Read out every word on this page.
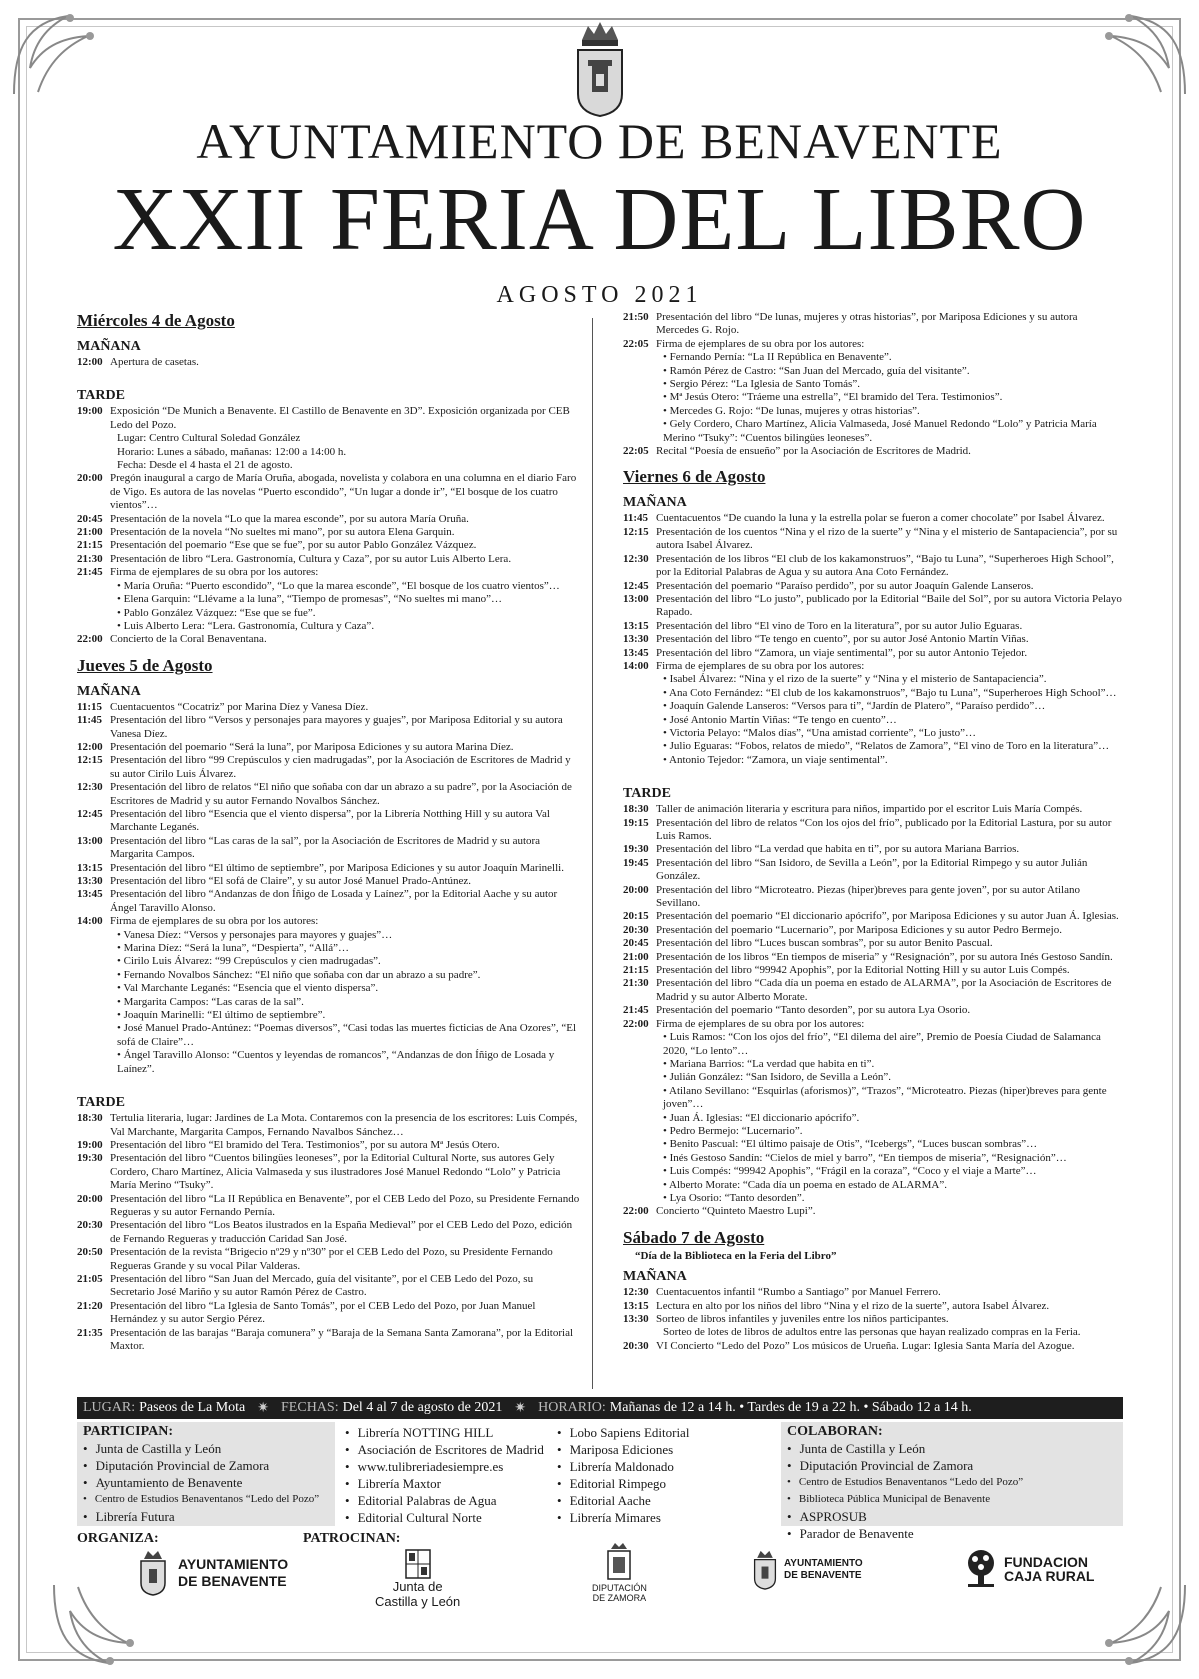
AYUNTAMIENTO DE BENAVENTE
XXII FERIA DEL LIBRO
AGOSTO 2021
Miércoles 4 de Agosto
MAÑANA
12:00 Apertura de casetas.
TARDE
19:00 Exposición “De Munich a Benavente. El Castillo de Benavente en 3D”. Exposición organizada por CEB Ledo del Pozo.
Lugar: Centro Cultural Soledad González
Horario: Lunes a sábado, mañanas: 12:00 a 14:00 h.
Fecha: Desde el 4 hasta el 21 de agosto.
20:00 Pregón inaugural a cargo de María Oruña, abogada, novelista y colabora en una columna en el diario Faro de Vigo. Es autora de las novelas “Puerto escondido”, “Un lugar a donde ir”, “El bosque de los cuatro vientos”…
20:45 Presentación de la novela “Lo que la marea esconde”, por su autora María Oruña.
21:00 Presentación de la novela “No sueltes mi mano”, por su autora Elena Garquin.
21:15 Presentación del poemario “Ese que se fue”, por su autor Pablo González Vázquez.
21:30 Presentación de libro “Lera. Gastronomía, Cultura y Caza”, por su autor Luis Alberto Lera.
21:45 Firma de ejemplares de su obra por los autores:
• María Oruña: “Puerto escondido”, “Lo que la marea esconde”, “El bosque de los cuatro vientos”…
• Elena Garquin: “Llévame a la luna”, “Tiempo de promesas”, “No sueltes mi mano”…
• Pablo González Vázquez: “Ese que se fue”.
• Luis Alberto Lera: “Lera. Gastronomía, Cultura y Caza”.
22:00 Concierto de la Coral Benaventana.
Jueves 5 de Agosto
MAÑANA
11:15 Cuentacuentos “Cocatriz” por Marina Díez y Vanesa Díez.
11:45 Presentación del libro “Versos y personajes para mayores y guajes”, por Mariposa Editorial y su autora Vanesa Díez.
12:00 Presentación del poemario “Será la luna”, por Mariposa Ediciones y su autora Marina Díez.
12:15 Presentación del libro “99 Crepúsculos y cien madrugadas”, por la Asociación de Escritores de Madrid y su autor Cirilo Luis Álvarez.
12:30 Presentación del libro de relatos “El niño que soñaba con dar un abrazo a su padre”, por la Asociación de Escritores de Madrid y su autor Fernando Novalbos Sánchez.
12:45 Presentación del libro “Esencia que el viento dispersa”, por la Librería Notthing Hill y su autora Val Marchante Leganés.
13:00 Presentación del libro “Las caras de la sal”, por la Asociación de Escritores de Madrid y su autora Margarita Campos.
13:15 Presentación del libro “El último de septiembre”, por Mariposa Ediciones y su autor Joaquín Marinelli.
13:30 Presentación del libro “El sofá de Claire”, y su autor José Manuel Prado-Antúnez.
13:45 Presentación del libro “Andanzas de don Íñigo de Losada y Laínez”, por la Editorial Aache y su autor Ángel Taravillo Alonso.
14:00 Firma de ejemplares de su obra por los autores:
• Vanesa Díez: “Versos y personajes para mayores y guajes”…
• Marina Díez: “Será la luna”, “Despierta”, “Allá”…
• Cirilo Luis Álvarez: “99 Crepúsculos y cien madrugadas”.
• Fernando Novalbos Sánchez: “El niño que soñaba con dar un abrazo a su padre”.
• Val Marchante Leganés: “Esencia que el viento dispersa”.
• Margarita Campos: “Las caras de la sal”.
• Joaquín Marinelli: “El último de septiembre”.
• José Manuel Prado-Antúnez: “Poemas diversos”, “Casi todas las muertes ficticias de Ana Ozores”, “El sofá de Claire”…
• Ángel Taravillo Alonso: “Cuentos y leyendas de romancos”, “Andanzas de don Íñigo de Losada y Laínez”.
TARDE
18:30 Tertulia literaria, lugar: Jardines de La Mota. Contaremos con la presencia de los escritores: Luis Compés, Val Marchante, Margarita Campos, Fernando Navalbos Sánchez…
19:00 Presentación del libro “El bramido del Tera. Testimonios”, por su autora Mª Jesús Otero.
19:30 Presentación del libro “Cuentos bilingües leoneses”, por la Editorial Cultural Norte, sus autores Gely Cordero, Charo Martínez, Alicia Valmaseda y sus ilustradores José Manuel Redondo “Lolo” y Patricia María Merino “Tsuky”.
20:00 Presentación del libro “La II República en Benavente”, por el CEB Ledo del Pozo, su Presidente Fernando Regueras y su autor Fernando Pernía.
20:30 Presentación del libro “Los Beatos ilustrados en la España Medieval” por el CEB Ledo del Pozo, edición de Fernando Regueras y traducción Caridad San José.
20:50 Presentación de la revista “Brigecio nº29 y nº30” por el CEB Ledo del Pozo, su Presidente Fernando Regueras Grande y su vocal Pilar Valderas.
21:05 Presentación del libro “San Juan del Mercado, guía del visitante”, por el CEB Ledo del Pozo, su Secretario José Mariño y su autor Ramón Pérez de Castro.
21:20 Presentación del libro “La Iglesia de Santo Tomás”, por el CEB Ledo del Pozo, por Juan Manuel Hernández y su autor Sergio Pérez.
21:35 Presentación de las barajas “Baraja comunera” y “Baraja de la Semana Santa Zamorana”, por la Editorial Maxtor.
21:50 Presentación del libro “De lunas, mujeres y otras historias”, por Mariposa Ediciones y su autora Mercedes G. Rojo.
22:05 Firma de ejemplares de su obra por los autores:
• Fernando Pernía: “La II República en Benavente”.
• Ramón Pérez de Castro: “San Juan del Mercado, guía del visitante”.
• Sergio Pérez: “La Iglesia de Santo Tomás”.
• Mª Jesús Otero: “Tráeme una estrella”, “El bramido del Tera. Testimonios”.
• Mercedes G. Rojo: “De lunas, mujeres y otras historias”.
• Gely Cordero, Charo Martínez, Alicia Valmaseda, José Manuel Redondo “Lolo” y Patricia María Merino “Tsuky”: “Cuentos bilingües leoneses”.
22:05 Recital “Poesía de ensueño” por la Asociación de Escritores de Madrid.
Viernes 6 de Agosto
MAÑANA
11:45 Cuentacuentos “De cuando la luna y la estrella polar se fueron a comer chocolate” por Isabel Álvarez.
12:15 Presentación de los cuentos “Nina y el rizo de la suerte” y “Nina y el misterio de Santapaciencia”, por su autora Isabel Álvarez.
12:30 Presentación de los libros “El club de los kakamonstruos”, “Bajo tu Luna”, “Superheroes High School”, por la Editorial Palabras de Agua y su autora Ana Coto Fernández.
12:45 Presentación del poemario “Paraíso perdido”, por su autor Joaquín Galende Lanseros.
13:00 Presentación del libro “Lo justo”, publicado por la Editorial “Baile del Sol”, por su autora Victoria Pelayo Rapado.
13:15 Presentación del libro “El vino de Toro en la literatura”, por su autor Julio Eguaras.
13:30 Presentación del libro “Te tengo en cuento”, por su autor José Antonio Martín Viñas.
13:45 Presentación del libro “Zamora, un viaje sentimental”, por su autor Antonio Tejedor.
14:00 Firma de ejemplares de su obra por los autores:
• Isabel Álvarez: “Nina y el rizo de la suerte” y “Nina y el misterio de Santapaciencia”.
• Ana Coto Fernández: “El club de los kakamonstruos”, “Bajo tu Luna”, “Superheroes High School”…
• Joaquín Galende Lanseros: “Versos para ti”, “Jardín de Platero”, “Paraíso perdido”…
• José Antonio Martín Viñas: “Te tengo en cuento”…
• Victoria Pelayo: “Malos días”, “Una amistad corriente”, “Lo justo”…
• Julio Eguaras: “Fobos, relatos de miedo”, “Relatos de Zamora”, “El vino de Toro en la literatura”…
• Antonio Tejedor: “Zamora, un viaje sentimental”.
TARDE
18:30 Taller de animación literaria y escritura para niños, impartido por el escritor Luis María Compés.
19:15 Presentación del libro de relatos “Con los ojos del frío”, publicado por la Editorial Lastura, por su autor Luis Ramos.
19:30 Presentación del libro “La verdad que habita en ti”, por su autora Mariana Barrios.
19:45 Presentación del libro “San Isidoro, de Sevilla a León”, por la Editorial Rimpego y su autor Julián González.
20:00 Presentación del libro “Microteatro. Piezas (hiper)breves para gente joven”, por su autor Atilano Sevillano.
20:15 Presentación del poemario “El diccionario apócrifo”, por Mariposa Ediciones y su autor Juan Á. Iglesias.
20:30 Presentación del poemario “Lucernario”, por Mariposa Ediciones y su autor Pedro Bermejo.
20:45 Presentación del libro “Luces buscan sombras”, por su autor Benito Pascual.
21:00 Presentación de los libros “En tiempos de miseria” y “Resignación”, por su autora Inés Gestoso Sandín.
21:15 Presentación del libro “99942 Apophis”, por la Editorial Notting Hill y su autor Luis Compés.
21:30 Presentación del libro “Cada día un poema en estado de ALARMA”, por la Asociación de Escritores de Madrid y su autor Alberto Morate.
21:45 Presentación del poemario “Tanto desorden”, por su autora Lya Osorio.
22:00 Firma de ejemplares de su obra por los autores:
• Luis Ramos: “Con los ojos del frío”, “El dilema del aire”, Premio de Poesía Ciudad de Salamanca 2020, “Lo lento”…
• Mariana Barrios: “La verdad que habita en ti”.
• Julián González: “San Isidoro, de Sevilla a León”.
• Atilano Sevillano: “Esquirlas (aforismos)”, “Trazos”, “Microteatro. Piezas (hiper)breves para gente joven”…
• Juan Á. Iglesias: “El diccionario apócrifo”.
• Pedro Bermejo: “Lucernario”.
• Benito Pascual: “El último paisaje de Otis”, “Icebergs”, “Luces buscan sombras”…
• Inés Gestoso Sandín: “Cielos de miel y barro”, “En tiempos de miseria”, “Resignación”…
• Luis Compés: “99942 Apophis”, “Frágil en la coraza”, “Coco y el viaje a Marte”…
• Alberto Morate: “Cada día un poema en estado de ALARMA”.
• Lya Osorio: “Tanto desorden”.
22:00 Concierto “Quinteto Maestro Lupi”.
Sábado 7 de Agosto
“Día de la Biblioteca en la Feria del Libro”
MAÑANA
12:30 Cuentacuentos infantil “Rumbo a Santiago” por Manuel Ferrero.
13:15 Lectura en alto por los niños del libro “Nina y el rizo de la suerte”, autora Isabel Álvarez.
13:30 Sorteo de libros infantiles y juveniles entre los niños participantes.
Sorteo de lotes de libros de adultos entre las personas que hayan realizado compras en la Feria.
20:30 VI Concierto “Ledo del Pozo” Los músicos de Urueña. Lugar: Iglesia Santa María del Azogue.
LUGAR: Paseos de La Mota ✷ FECHAS: Del 4 al 7 de agosto de 2021 ✷ HORARIO: Mañanas de 12 a 14 h. • Tardes de 19 a 22 h. • Sábado 12 a 14 h.
PARTICIPAN:
• Junta de Castilla y León
• Diputación Provincial de Zamora
• Ayuntamiento de Benavente
• Centro de Estudios Benaventanos “Ledo del Pozo”
• Librería Futura
• Librería NOTTING HILL
• Asociación de Escritores de Madrid
• www.tulibreriadesiempre.es
• Librería Maxtor
• Editorial Palabras de Agua
• Editorial Cultural Norte
• Lobo Sapiens Editorial
• Mariposa Ediciones
• Librería Maldonado
• Editorial Rimpego
• Editorial Aache
• Librería Mimares
COLABORAN:
• Junta de Castilla y León
• Diputación Provincial de Zamora
• Centro de Estudios Benaventanos “Ledo del Pozo”
• Biblioteca Pública Municipal de Benavente
• ASPROSUB
• Parador de Benavente
ORGANIZA:	PATROCINAN:
AYUNTAMIENTO
DE BENAVENTE	Junta de
Castilla y León
DIPUTACIÓN
DE ZAMORA
AYUNTAMIENTO
DE BENAVENTE
FUNDACION
CAJA RURAL
